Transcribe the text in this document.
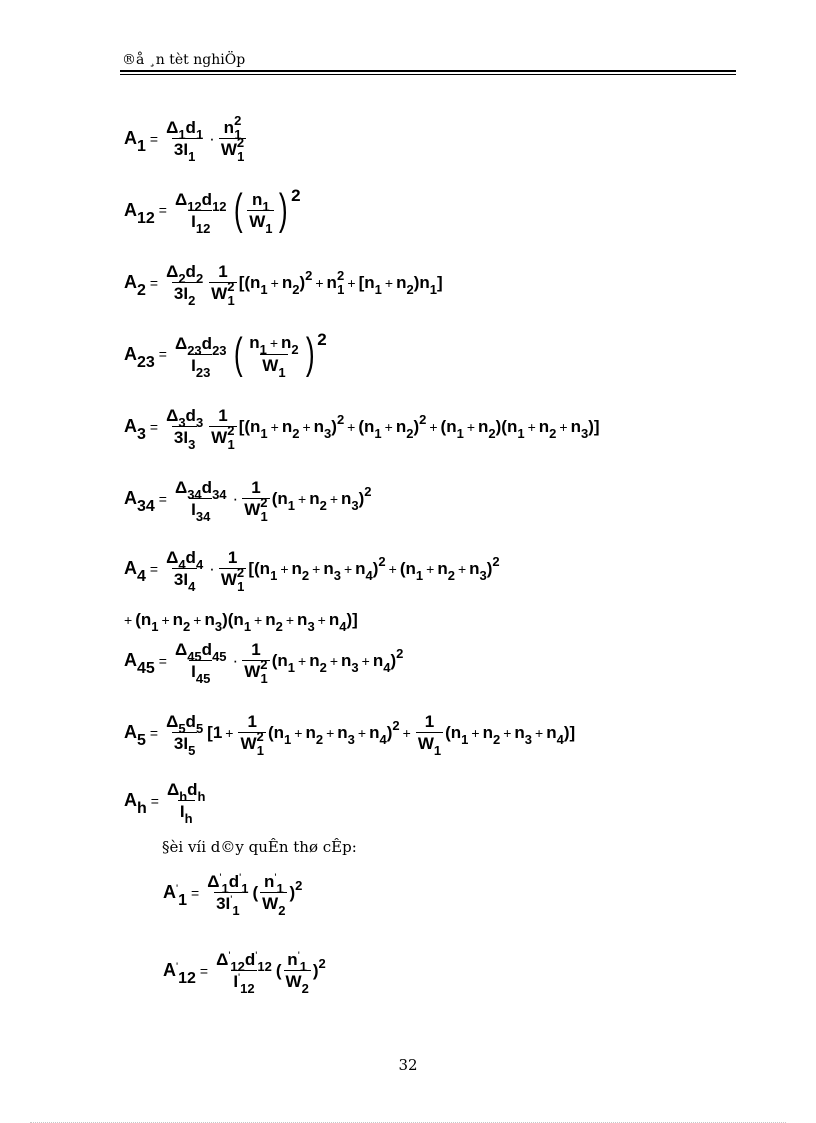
®å ¸n tèt nghiÖp
$A_1 = \frac{\Delta_1d_1}{3I_1} \cdot \frac{n^2_1}{W^2_1}$
$A_{12} = \frac{\Delta_{12}d_{12}}{I_{12}}$ ( $\frac{n_1}{W_1}$ ) 2
$A_2 = \frac{\Delta_2d_2}{3I_2} \frac{1}{W^2_1} [(n_1 + n_2)^2 + n^2_1 + [n_1 + n_2)n_1]$
$A_{23} = \frac{\Delta_{23}d_{23}}{I_{23}}$ ( $\frac{n_1 + n_2}{W_1}$ ) 2
$A_3 = \frac{\Delta_3d_3}{3I_3} \frac{1}{W^2_1} [(n_1 + n_2 + n_3)^2 + (n_1 + n_2)^2 + (n_1 + n_2)(n_1 + n_2 + n_3)]$
$A_{34} = \frac{\Delta_{34}d_{34}}{I_{34}} \cdot \frac{1}{W^2_1} (n_1 + n_2 + n_3)^2$
$A_4 = \frac{\Delta_4d_4}{3I_4} \cdot \frac{1}{W^2_1} [(n_1 + n_2 + n_3 + n_4)^2 + (n_1 + n_2 + n_3)^2$
+ $(n_1 + n_2 + n_3)(n_1 + n_2 + n_3 + n_4)$]
$A_{45} = \frac{\Delta_{45}d_{45}}{I_{45}} \cdot \frac{1}{W^2_1} (n_1 + n_2 + n_3 + n_4)^2$
$A_5 = \frac{\Delta_5d_5}{3I_5} [1 + \frac{1}{W^2_1} (n_1 + n_2 + n_3 + n_4)^2 + \frac{1}{W_1} (n_1 + n_2 + n_3 + n_4)]$
$A_h = \frac{\Delta_hd_h}{I_h}$
§èi víi d©y quÊn thø cÊp:
$A'_1 = \frac{\Delta'_1d'_1}{3I'_1}$ ( $\frac{n'_1}{W_2} )^2$
$A'_{12} = \frac{\Delta'_{12}d'_{12}}{I'_{12}}$ ( $\frac{n'_1}{W_2} )^2$
32
